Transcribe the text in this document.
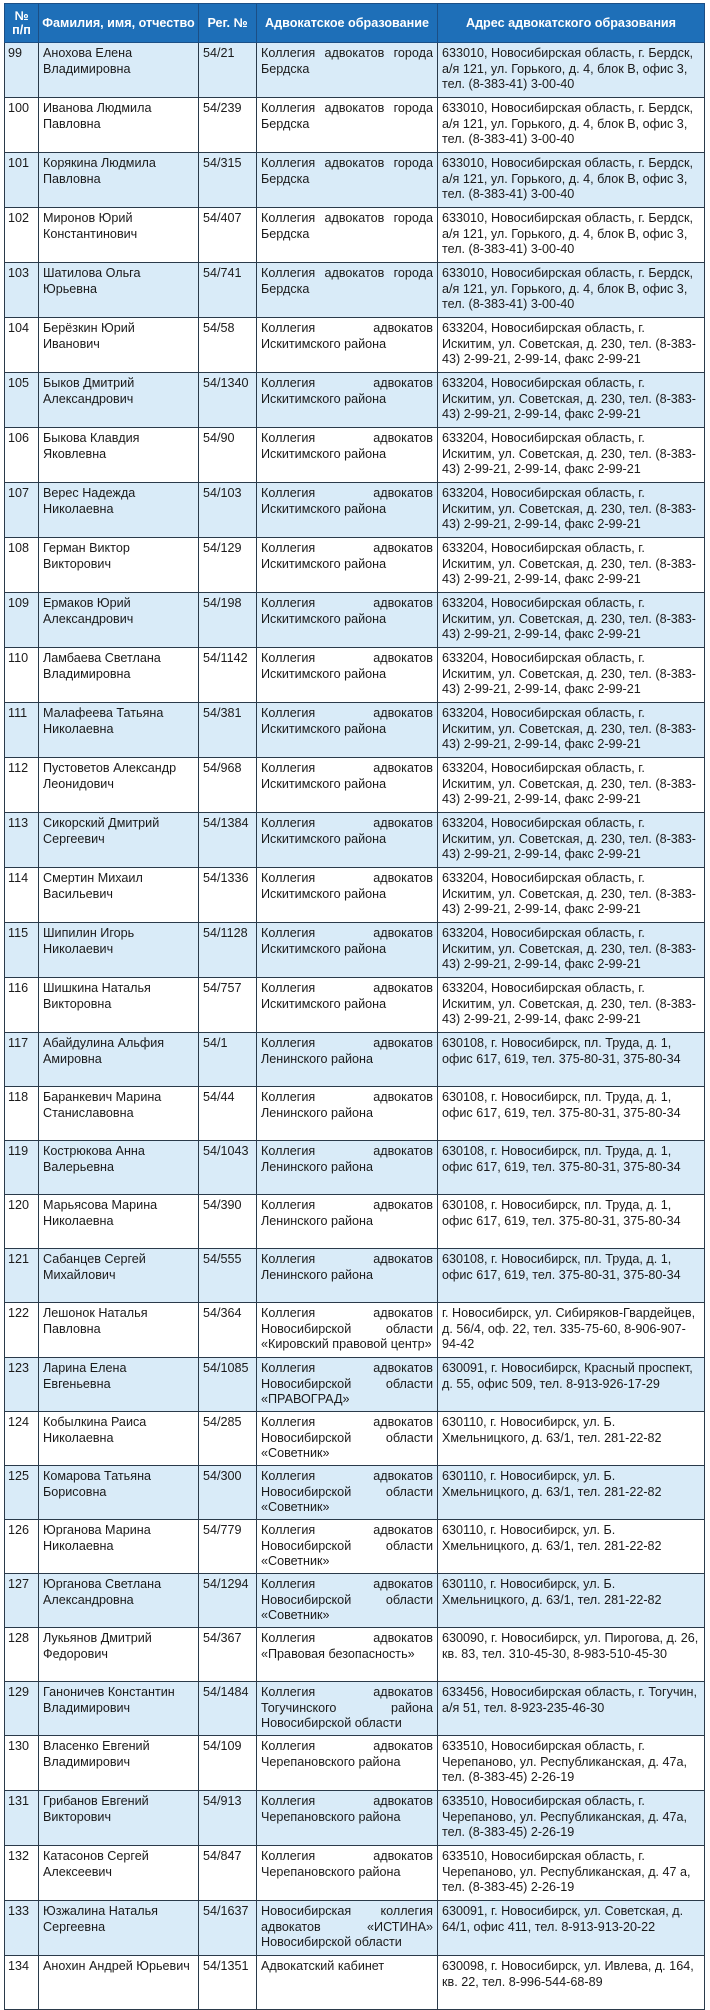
№ п/п	Фамилия, имя, отчество	Рег. №	Адвокатское образование	Адрес адвокатского образования
99	Анохова Елена Владимировна	54/21	Коллегия адвокатов города Бердска	633010, Новосибирская область, г. Бердск, а/я 121, ул. Горького, д. 4, блок В, офис 3, тел. (8-383-41) 3-00-40
100	Иванова Людмила Павловна	54/239	Коллегия адвокатов города Бердска	633010, Новосибирская область, г. Бердск, а/я 121, ул. Горького, д. 4, блок В, офис 3, тел. (8-383-41) 3-00-40
101	Корякина Людмила Павловна	54/315	Коллегия адвокатов города Бердска	633010, Новосибирская область, г. Бердск, а/я 121, ул. Горького, д. 4, блок В, офис 3, тел. (8-383-41) 3-00-40
102	Миронов Юрий Константинович	54/407	Коллегия адвокатов города Бердска	633010, Новосибирская область, г. Бердск, а/я 121, ул. Горького, д. 4, блок В, офис 3, тел. (8-383-41) 3-00-40
103	Шатилова Ольга Юрьевна	54/741	Коллегия адвокатов города Бердска	633010, Новосибирская область, г. Бердск, а/я 121, ул. Горького, д. 4, блок В, офис 3, тел. (8-383-41) 3-00-40
104	Берёзкин Юрий Иванович	54/58	Коллегия адвокатов Искитимского района	633204, Новосибирская область, г. Искитим, ул. Советская, д. 230, тел. (8-383-43) 2-99-21, 2-99-14, факс 2-99-21
105	Быков Дмитрий Александрович	54/1340	Коллегия адвокатов Искитимского района	633204, Новосибирская область, г. Искитим, ул. Советская, д. 230, тел. (8-383-43) 2-99-21, 2-99-14, факс 2-99-21
106	Быкова Клавдия Яковлевна	54/90	Коллегия адвокатов Искитимского района	633204, Новосибирская область, г. Искитим, ул. Советская, д. 230, тел. (8-383-43) 2-99-21, 2-99-14, факс 2-99-21
107	Верес Надежда Николаевна	54/103	Коллегия адвокатов Искитимского района	633204, Новосибирская область, г. Искитим, ул. Советская, д. 230, тел. (8-383-43) 2-99-21, 2-99-14, факс 2-99-21
108	Герман Виктор Викторович	54/129	Коллегия адвокатов Искитимского района	633204, Новосибирская область, г. Искитим, ул. Советская, д. 230, тел. (8-383-43) 2-99-21, 2-99-14, факс 2-99-21
109	Ермаков Юрий Александрович	54/198	Коллегия адвокатов Искитимского района	633204, Новосибирская область, г. Искитим, ул. Советская, д. 230, тел. (8-383-43) 2-99-21, 2-99-14, факс 2-99-21
110	Ламбаева Светлана Владимировна	54/1142	Коллегия адвокатов Искитимского района	633204, Новосибирская область, г. Искитим, ул. Советская, д. 230, тел. (8-383-43) 2-99-21, 2-99-14, факс 2-99-21
111	Малафеева Татьяна Николаевна	54/381	Коллегия адвокатов Искитимского района	633204, Новосибирская область, г. Искитим, ул. Советская, д. 230, тел. (8-383-43) 2-99-21, 2-99-14, факс 2-99-21
112	Пустоветов Александр Леонидович	54/968	Коллегия адвокатов Искитимского района	633204, Новосибирская область, г. Искитим, ул. Советская, д. 230, тел. (8-383-43) 2-99-21, 2-99-14, факс 2-99-21
113	Сикорский Дмитрий Сергеевич	54/1384	Коллегия адвокатов Искитимского района	633204, Новосибирская область, г. Искитим, ул. Советская, д. 230, тел. (8-383-43) 2-99-21, 2-99-14, факс 2-99-21
114	Смертин Михаил Васильевич	54/1336	Коллегия адвокатов Искитимского района	633204, Новосибирская область, г. Искитим, ул. Советская, д. 230, тел. (8-383-43) 2-99-21, 2-99-14, факс 2-99-21
115	Шипилин Игорь Николаевич	54/1128	Коллегия адвокатов Искитимского района	633204, Новосибирская область, г. Искитим, ул. Советская, д. 230, тел. (8-383-43) 2-99-21, 2-99-14, факс 2-99-21
116	Шишкина Наталья Викторовна	54/757	Коллегия адвокатов Искитимского района	633204, Новосибирская область, г. Искитим, ул. Советская, д. 230, тел. (8-383-43) 2-99-21, 2-99-14, факс 2-99-21
117	Абайдулина Альфия Амировна	54/1	Коллегия адвокатов Ленинского района	630108, г. Новосибирск, пл. Труда, д. 1, офис 617, 619, тел. 375-80-31, 375-80-34
118	Баранкевич Марина Станиславовна	54/44	Коллегия адвокатов Ленинского района	630108, г. Новосибирск, пл. Труда, д. 1, офис 617, 619, тел. 375-80-31, 375-80-34
119	Кострюкова Анна Валерьевна	54/1043	Коллегия адвокатов Ленинского района	630108, г. Новосибирск, пл. Труда, д. 1, офис 617, 619, тел. 375-80-31, 375-80-34
120	Марьясова Марина Николаевна	54/390	Коллегия адвокатов Ленинского района	630108, г. Новосибирск, пл. Труда, д. 1, офис 617, 619, тел. 375-80-31, 375-80-34
121	Сабанцев Сергей Михайлович	54/555	Коллегия адвокатов Ленинского района	630108, г. Новосибирск, пл. Труда, д. 1, офис 617, 619, тел. 375-80-31, 375-80-34
122	Лешонок Наталья Павловна	54/364	Коллегия адвокатов Новосибирской области «Кировский правовой центр»	г. Новосибирск, ул. Сибиряков-Гвардейцев, д. 56/4, оф. 22, тел. 335-75-60, 8-906-907-94-42
123	Ларина Елена Евгеньевна	54/1085	Коллегия адвокатов Новосибирской области «ПРАВОГРАД»	630091, г. Новосибирск, Красный проспект, д. 55, офис 509, тел. 8-913-926-17-29
124	Кобылкина Раиса Николаевна	54/285	Коллегия адвокатов Новосибирской области «Советник»	630110, г. Новосибирск, ул. Б. Хмельницкого, д. 63/1, тел. 281-22-82
125	Комарова Татьяна Борисовна	54/300	Коллегия адвокатов Новосибирской области «Советник»	630110, г. Новосибирск, ул. Б. Хмельницкого, д. 63/1, тел. 281-22-82
126	Юрганова Марина Николаевна	54/779	Коллегия адвокатов Новосибирской области «Советник»	630110, г. Новосибирск, ул. Б. Хмельницкого, д. 63/1, тел. 281-22-82
127	Юрганова Светлана Александровна	54/1294	Коллегия адвокатов Новосибирской области «Советник»	630110, г. Новосибирск, ул. Б. Хмельницкого, д. 63/1, тел. 281-22-82
128	Лукьянов Дмитрий Федорович	54/367	Коллегия адвокатов «Правовая безопасность»	630090, г. Новосибирск, ул. Пирогова, д. 26, кв. 83, тел. 310-45-30, 8-983-510-45-30
129	Ганоничев Константин Владимирович	54/1484	Коллегия адвокатов Тогучинского района Новосибирской области	633456, Новосибирская область, г. Тогучин, а/я 51, тел. 8-923-235-46-30
130	Власенко Евгений Владимирович	54/109	Коллегия адвокатов Черепановского района	633510, Новосибирская область, г. Черепаново, ул. Республиканская, д. 47а, тел. (8-383-45) 2-26-19
131	Грибанов Евгений Викторович	54/913	Коллегия адвокатов Черепановского района	633510, Новосибирская область, г. Черепаново, ул. Республиканская, д. 47а, тел. (8-383-45) 2-26-19
132	Катасонов Сергей Алексеевич	54/847	Коллегия адвокатов Черепановского района	633510, Новосибирская область, г. Черепаново, ул. Республиканская, д. 47 а, тел. (8-383-45) 2-26-19
133	Юзжалина Наталья Сергеевна	54/1637	Новосибирская коллегия адвокатов «ИСТИНА» Новосибирской области	630091, г. Новосибирск, ул. Советская, д. 64/1, офис 411, тел. 8-913-913-20-22
134	Анохин Андрей Юрьевич	54/1351	Адвокатский кабинет	630098, г. Новосибирск, ул. Ивлева, д. 164, кв. 22, тел. 8-996-544-68-89
